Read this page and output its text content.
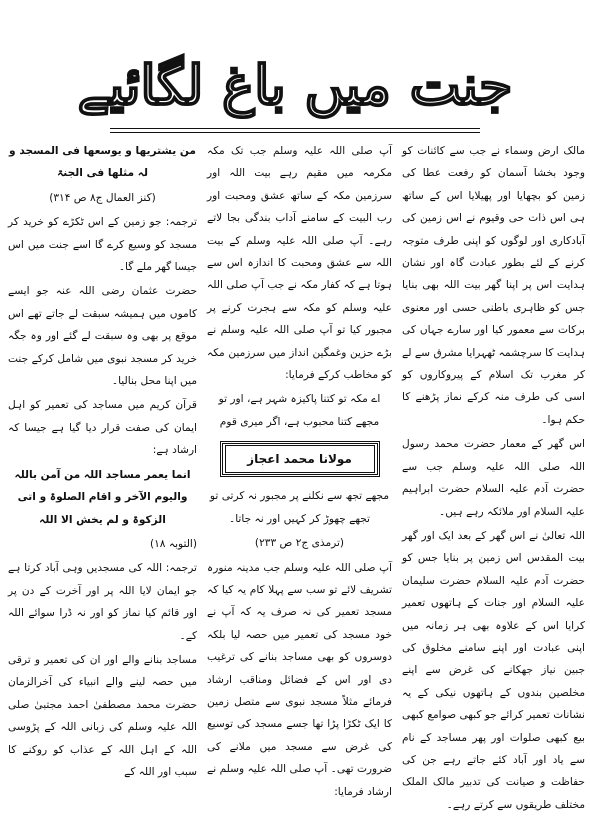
جنت میں باغ لگائیے

مالک ارض وسماء نے جب سے کائنات کو وجود بخشا آسمان کو رفعت عطا کی زمین کو بچھایا اور پھیلایا اس کے ساتھ ہی اس ذات حی وقیوم نے اس زمین کی آبادکاری اور لوگوں کو اپنی طرف متوجہ کرنے کے لئے بطور عبادت گاہ اور نشان ہدایت اس پر اپنا گھر بیت اللہ بھی بنایا جس کو ظاہری باطنی حسی اور معنوی برکات سے معمور کیا اور سارے جہاں کی ہدایت کا سرچشمہ ٹھہرایا مشرق سے لے کر مغرب تک اسلام کے پیروکاروں کو اسی کی طرف منہ کرکے نماز پڑھنے کا حکم ہوا۔

اس گھر کے معمار حضرت محمد رسول اللہ صلی اللہ علیہ وسلم جب سے حضرت آدم علیہ السلام حضرت ابراہیم علیہ السلام اور ملائکہ رہے ہیں۔

اللہ تعالیٰ نے اس گھر کے بعد ایک اور گھر بیت المقدس اس زمین پر بنایا جس کو حضرت آدم علیہ السلام حضرت سلیمان علیہ السلام اور جنات کے ہاتھوں تعمیر کرایا اس کے علاوہ بھی ہر زمانہ میں اپنی عبادت اور اپنے سامنے مخلوق کی جبین نیاز جھکانے کی غرض سے اپنے مخلصین بندوں کے ہاتھوں نیکی کے یہ نشانات تعمیر کرائے جو کبھی صوامع کبھی بیع کبھی صلوات اور پھر مساجد کے نام سے یاد اور آباد کئے جاتے رہے جن کی حفاظت و صیانت کی تدبیر مالک الملک مختلف طریقوں سے کرتے رہے۔

آپ صلی اللہ علیہ وسلم جب تک مکہ مکرمہ میں مقیم رہے بیت اللہ اور سرزمین مکہ کے ساتھ عشق ومحبت اور رب البیت کے سامنے آداب بندگی بجا لاتے رہے۔ آپ صلی اللہ علیہ وسلم کے بیت اللہ سے عشق ومحبت کا اندازہ اس سے ہوتا ہے کہ کفار مکہ نے جب آپ صلی اللہ علیہ وسلم کو مکہ سے ہجرت کرنے پر مجبور کیا تو آپ صلی اللہ علیہ وسلم نے بڑے حزین وغمگین انداز میں سرزمین مکہ کو مخاطب کرکے فرمایا:

اے مکہ تو کتنا پاکیزہ شہر ہے، اور تو مجھے کتنا محبوب ہے، اگر میری قوم

مولانا محمد اعجاز

مجھے تجھ سے نکلنے پر مجبور نہ کرتی تو تجھے چھوڑ کر کہیں اور نہ جاتا۔

(ترمذی ج۲ ص ۲۳۳)

آپ صلی اللہ علیہ وسلم جب مدینہ منورہ تشریف لائے تو سب سے پہلا کام یہ کیا کہ مسجد تعمیر کی نہ صرف یہ کہ آپ نے خود مسجد کی تعمیر میں حصہ لیا بلکہ دوسروں کو بھی مساجد بنانے کی ترغیب دی اور اس کے فضائل ومناقب ارشاد فرمائے مثلاً مسجد نبوی سے متصل زمین کا ایک ٹکڑا پڑا تھا جسے مسجد کی توسیع کی غرض سے مسجد میں ملانے کی ضرورت تھی۔ آپ صلی اللہ علیہ وسلم نے ارشاد فرمایا:

من یشتریھا و یوسعھا فی المسجد و لہ مثلھا فی الجنۃ

(کنز العمال ج۸ ص ۳۱۴)

ترجمہ: جو زمین کے اس ٹکڑے کو خرید کر مسجد کو وسیع کرے گا اسے جنت میں اس جیسا گھر ملے گا۔

حضرت عثمان رضی اللہ عنہ جو ایسے کاموں میں ہمیشہ سبقت لے جاتے تھے اس موقع پر بھی وہ سبقت لے گئے اور وہ جگہ خرید کر مسجد نبوی میں شامل کرکے جنت میں اپنا محل بنالیا۔

قرآن کریم میں مساجد کی تعمیر کو اہل ایمان کی صفت قرار دیا گیا ہے جیسا کہ ارشاد ہے:

انما یعمر مساجد اللہ من آمن باللہ والیوم الآخر و اقام الصلوۃ و اتی الزکوۃ و لم یخش الا اللہ

(التوبہ ۱۸)

ترجمہ: اللہ کی مسجدیں وہی آباد کرتا ہے جو ایمان لایا اللہ پر اور آخرت کے دن پر اور قائم کیا نماز کو اور نہ ڈرا سوائے اللہ کے۔

مساجد بنانے والے اور ان کی تعمیر و ترقی میں حصہ لینے والے انبیاء کی آخرالزمان حضرت محمد مصطفیٰ احمد مجتبیٰ صلی اللہ علیہ وسلم کی زبانی اللہ کے پڑوسی اللہ کے اہل اللہ کے عذاب کو روکنے کا سبب اور اللہ کے
